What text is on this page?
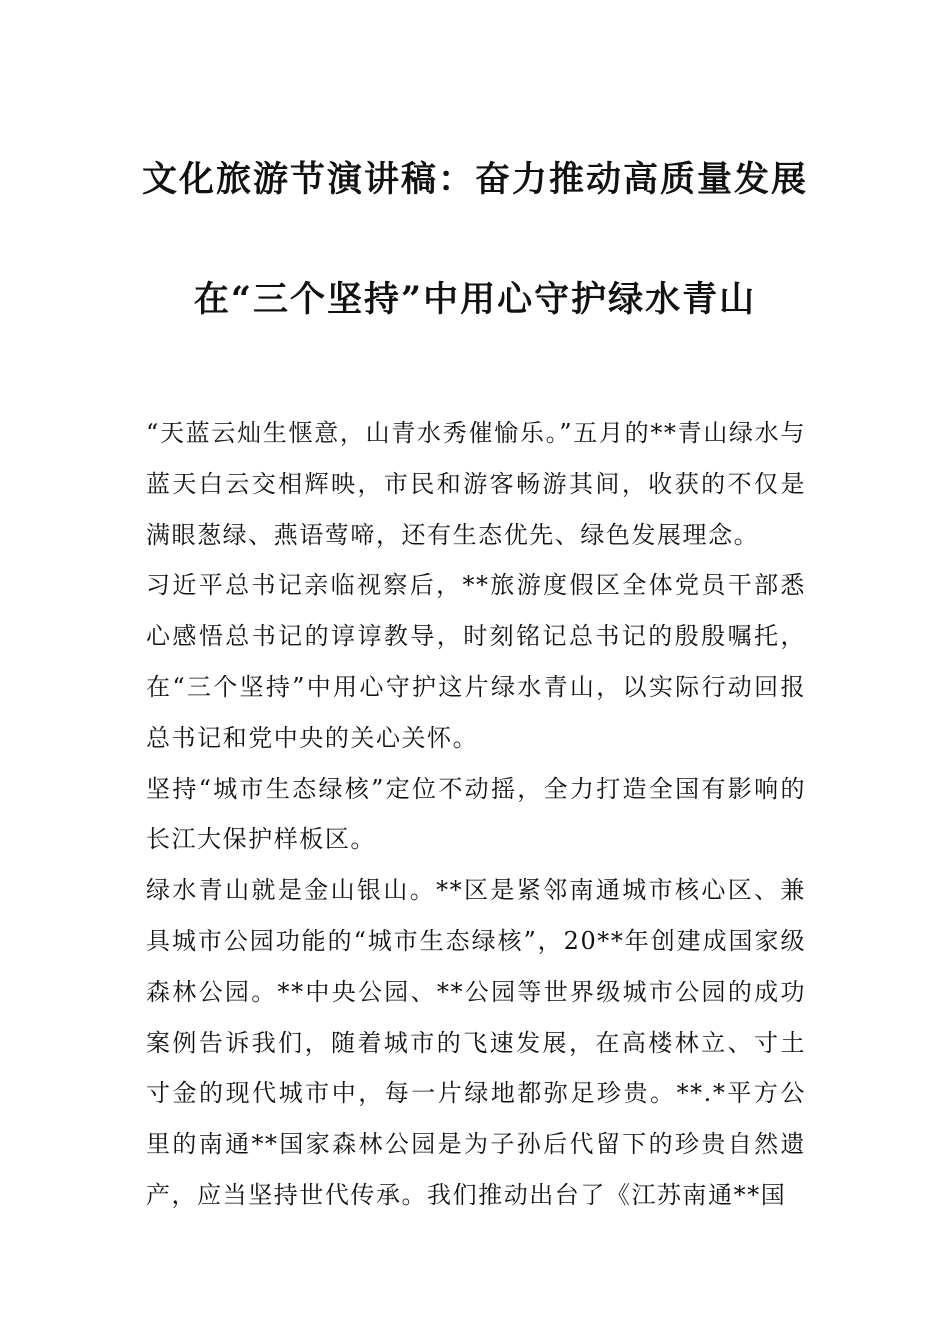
文化旅游节演讲稿：奋力推动高质量发展
在“三个坚持”中用心守护绿水青山

“天蓝云灿生惬意，山青水秀催愉乐。”五月的**青山绿水与蓝天白云交相辉映，市民和游客畅游其间，收获的不仅是满眼葱绿、燕语莺啼，还有生态优先、绿色发展理念。

习近平总书记亲临视察后，**旅游度假区全体党员干部悉心感悟总书记的谆谆教导，时刻铭记总书记的殷殷嘱托，在“三个坚持”中用心守护这片绿水青山，以实际行动回报总书记和党中央的关心关怀。

坚持“城市生态绿核”定位不动摇，全力打造全国有影响的长江大保护样板区。

绿水青山就是金山银山。**区是紧邻南通城市核心区、兼具城市公园功能的“城市生态绿核”，20**年创建成国家级森林公园。**中央公园、**公园等世界级城市公园的成功案例告诉我们，随着城市的飞速发展，在高楼林立、寸土寸金的现代城市中，每一片绿地都弥足珍贵。**.*平方公里的南通**国家森林公园是为子孙后代留下的珍贵自然遗产，应当坚持世代传承。我们推动出台了《江苏南通**国
